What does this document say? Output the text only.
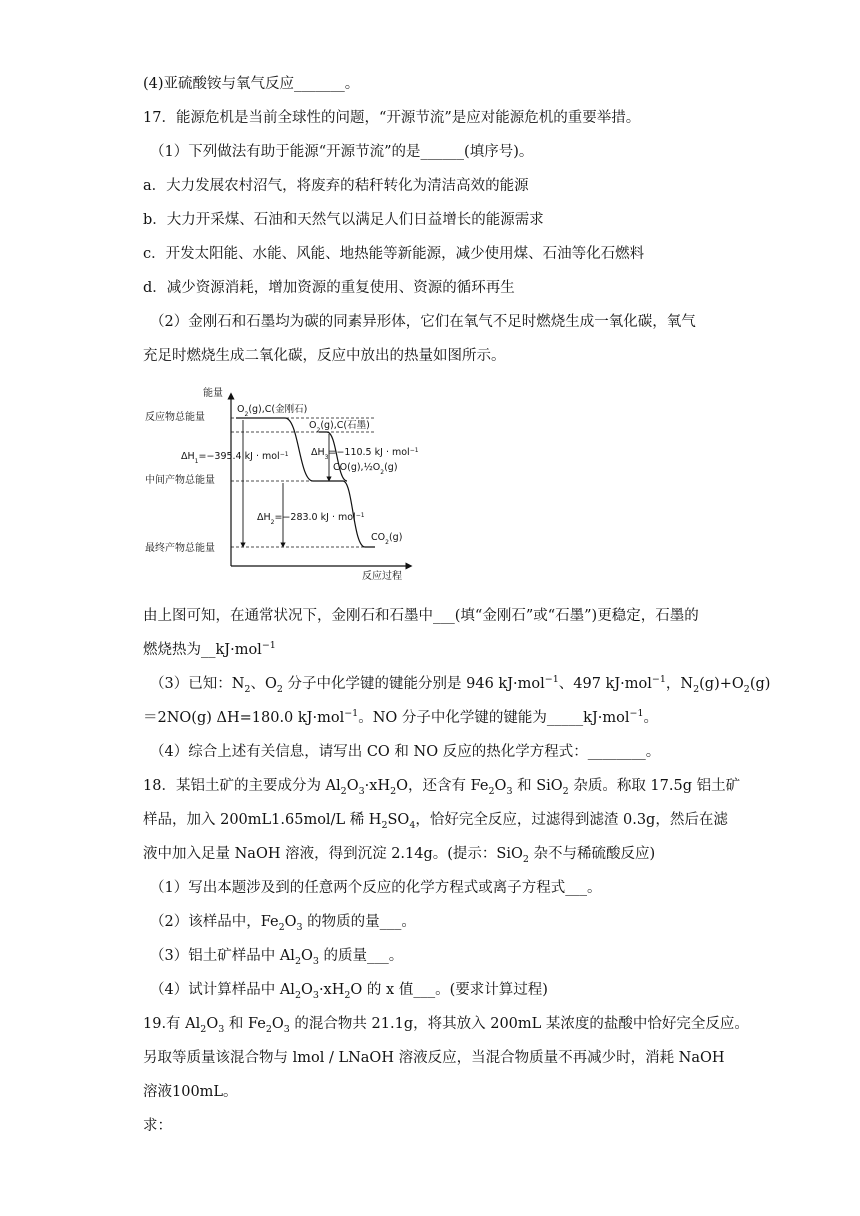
(4)亚硫酸铵与氧气反应_______。
17．能源危机是当前全球性的问题，“开源节流”是应对能源危机的重要举措。
（1）下列做法有助于能源“开源节流”的是______(填序号)。
a．大力发展农村沼气，将废弃的秸秆转化为清洁高效的能源
b．大力开采煤、石油和天然气以满足人们日益增长的能源需求
c．开发太阳能、水能、风能、地热能等新能源，减少使用煤、石油等化石燃料
d．减少资源消耗，增加资源的重复使用、资源的循环再生
（2）金刚石和石墨均为碳的同素异形体，它们在氧气不足时燃烧生成一氧化碳，氧气
充足时燃烧生成二氧化碳，反应中放出的热量如图所示。
由上图可知，在通常状况下，金刚石和石墨中___(填“金刚石”或“石墨”)更稳定，石墨的
燃烧热为__kJ·mol$^{-1}$
（3）已知：$N_2$、$O_2$ 分子中化学键的键能分别是 946 kJ·mol$^{-1}$、497 kJ·mol$^{-1}$，$N_2(g)+O_2(g)$
＝2NO(g) ΔH=180.0 kJ·mol$^{-1}$。NO 分子中化学键的键能为_____kJ·mol$^{-1}$。
（4）综合上述有关信息，请写出 CO 和 NO 反应的热化学方程式：________。
18．某铝土矿的主要成分为 $Al_2O_3\cdot xH_2O$，还含有 $Fe_2O_3$ 和 SiO$_2$ 杂质。称取 17.5g 铝土矿
样品，加入 200mL1.65mol/L 稀 $H_2SO_4$，恰好完全反应，过滤得到滤渣 0.3g，然后在滤
液中加入足量 NaOH 溶液，得到沉淀 2.14g。(提示：SiO$_2$ 杂不与稀硫酸反应)
（1）写出本题涉及到的任意两个反应的化学方程式或离子方程式___。
（2）该样品中，$Fe_2O_3$ 的物质的量___。
（3）铝土矿样品中 $Al_2O_3$ 的质量___。
（4）试计算样品中 $Al_2O_3\cdot xH_2O$ 的 x 值___。(要求计算过程)
19.有 $Al_2O_3$ 和 $Fe_2O_3$ 的混合物共 21.1g，将其放入 200mL 某浓度的盐酸中恰好完全反应。
另取等质量该混合物与 lmol / LNaOH 溶液反应，当混合物质量不再减少时，消耗 NaOH
溶液100mL。
求：
能量
反应过程
反应物总能量
中间产物总能量
最终产物总能量
$O_2(g),C$(金刚石)
$O_2(g),C$(石墨)
$CO(g),\frac{1}{2}O_2(g)$
$CO_2(g)$
$\Delta H_1=-395.4$ kJ · mol$^{-1}$ $\Delta H_3=-110.5$ kJ · mol$^{-1}$
$\Delta H_2=-283.0$ kJ · mol$^{-1}$
